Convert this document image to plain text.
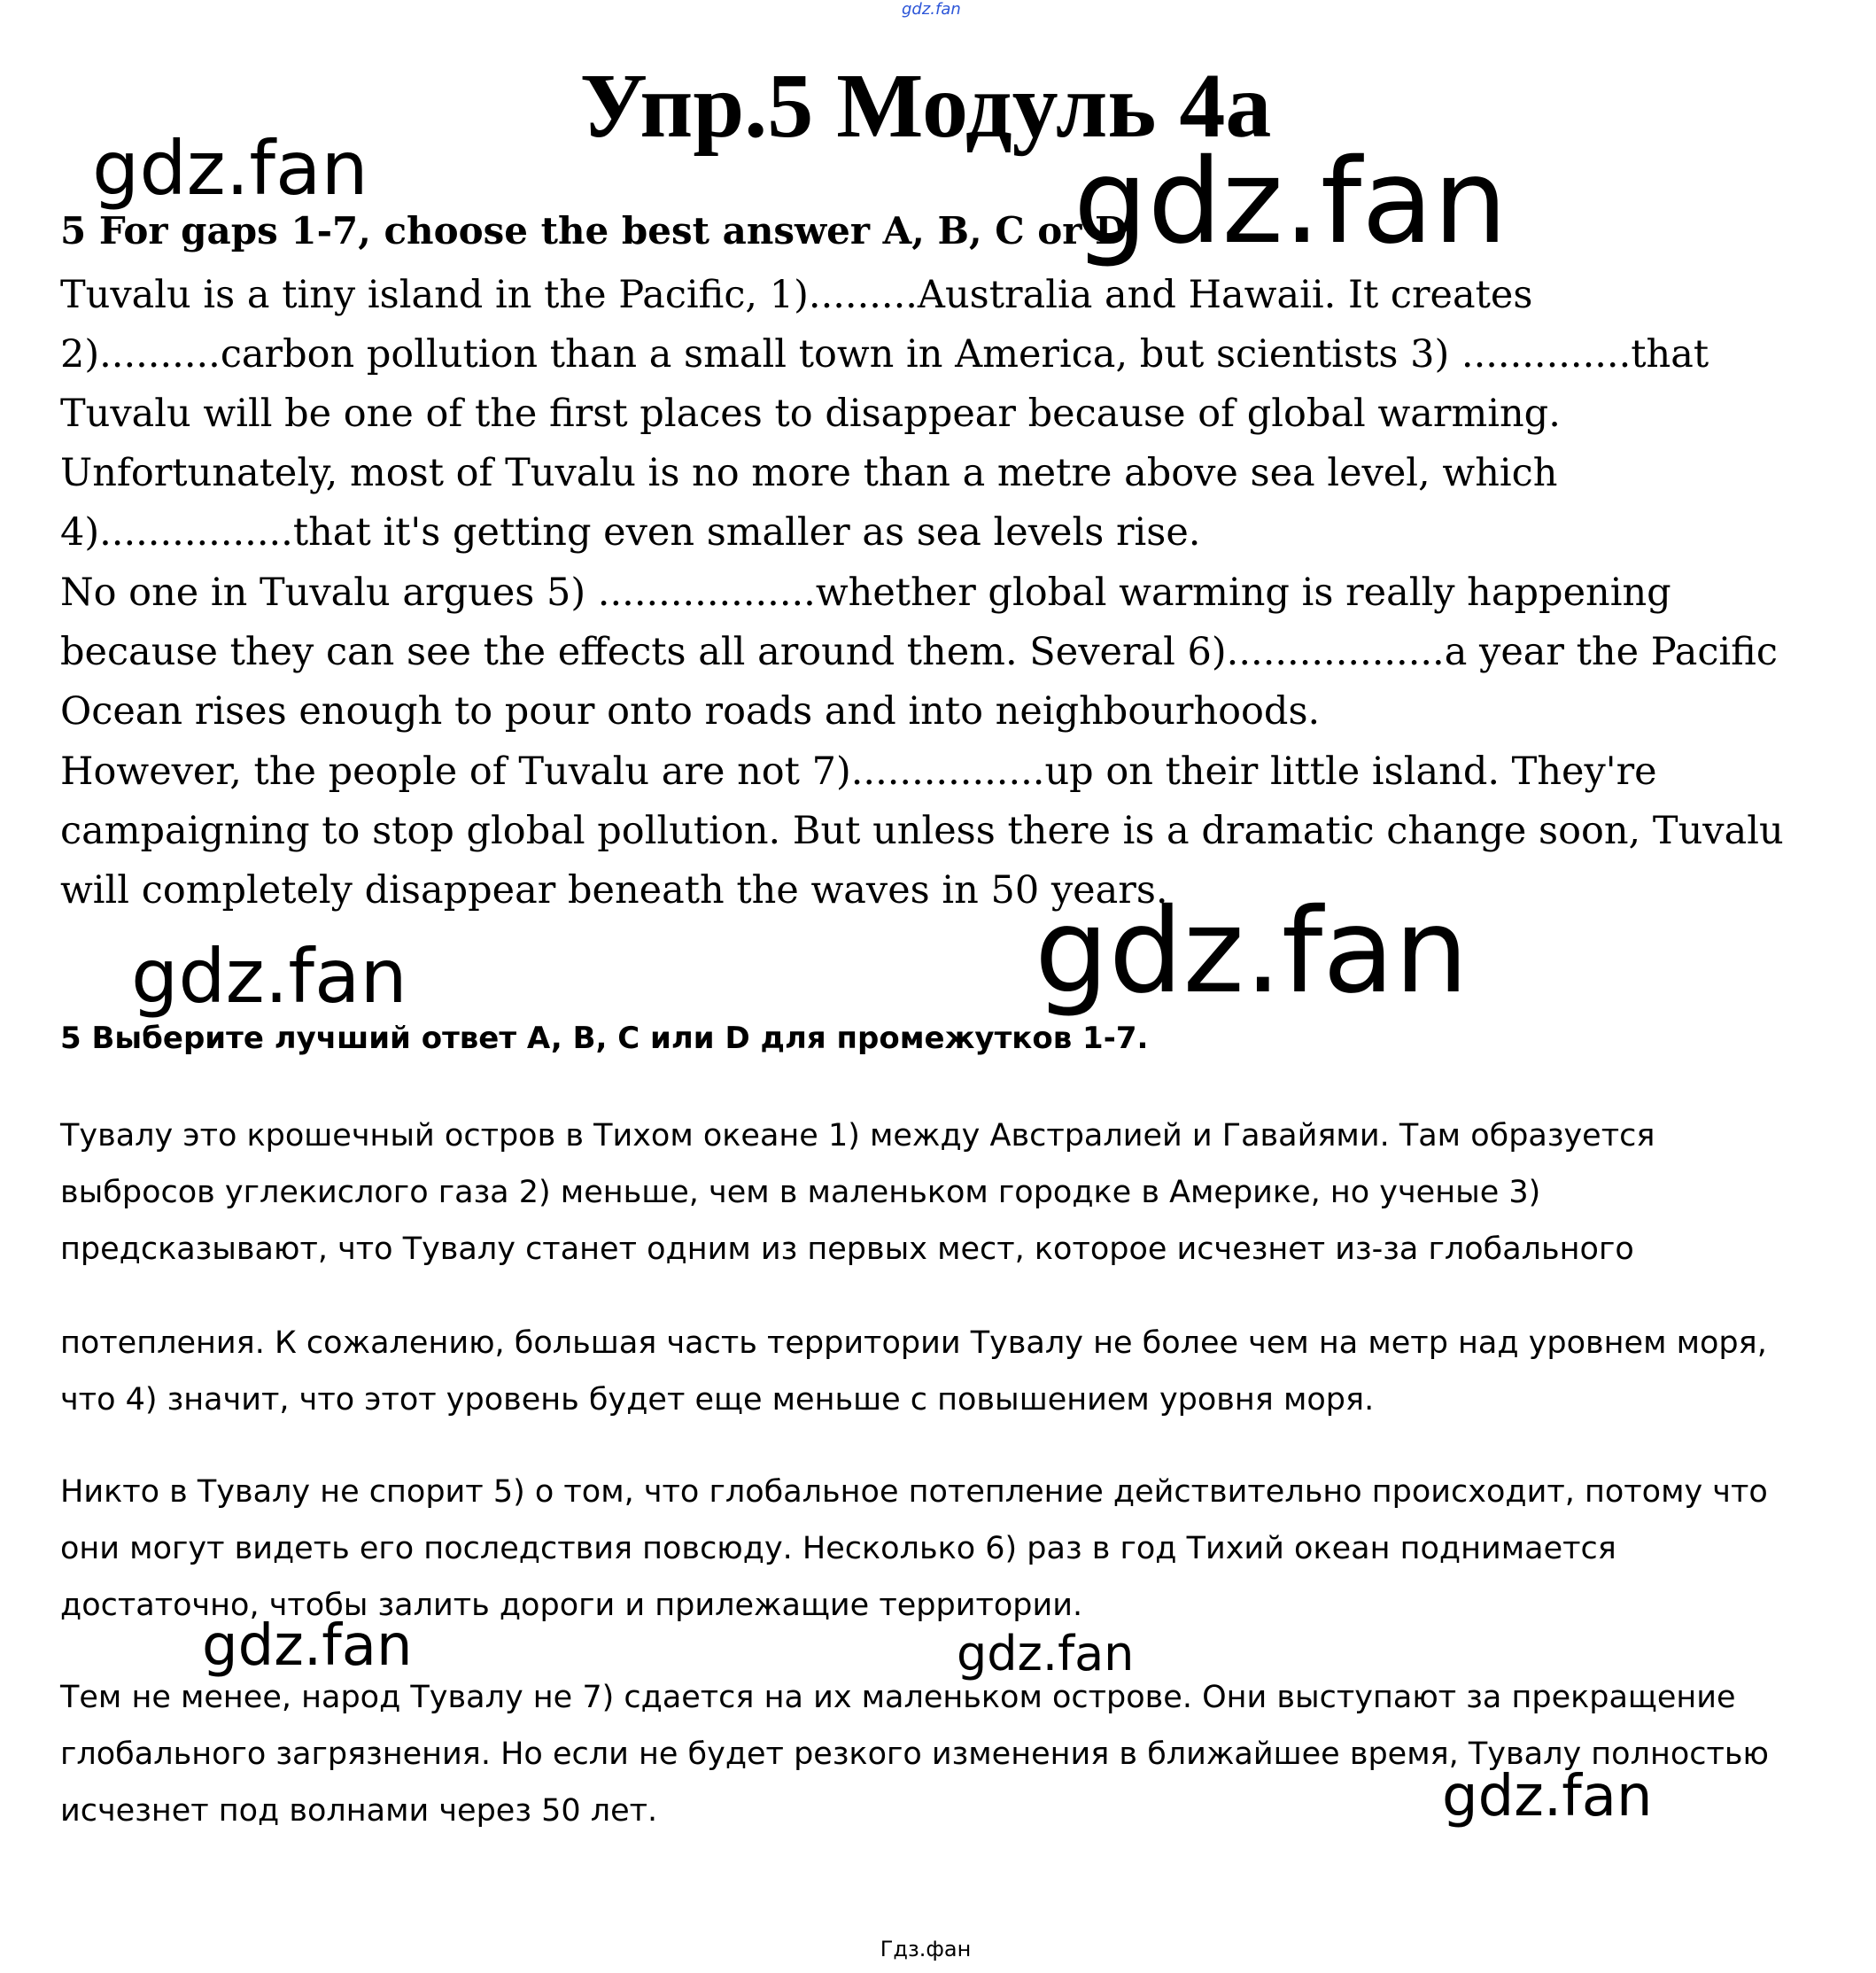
gdz.fan
Упр.5 Модуль 4a
5 For gaps 1-7, choose the best answer A, B, C or D.

Tuvalu is a tiny island in the Pacific, 1).........Australia and Hawaii. It creates 2)..........carbon pollution than a small town in America, but scientists 3) ..............that Tuvalu will be one of the first places to disappear because of global warming. Unfortunately, most of Tuvalu is no more than a metre above sea level, which 4)................that it's getting even smaller as sea levels rise.

No one in Tuvalu argues 5) ..................whether global warming is really happening because they can see the effects all around them. Several 6)..................a year the Pacific Ocean rises enough to pour onto roads and into neighbourhoods.

However, the people of Tuvalu are not 7)................up on their little island. They're campaigning to stop global pollution. But unless there is a dramatic change soon, Tuvalu will completely disappear beneath the waves in 50 years.

5 Выберите лучший ответ A, B, C или D для промежутков 1-7.

Тувалу это крошечный остров в Тихом океане 1) между Австралией и Гавайями. Там образуется выбросов углекислого газа 2) меньше, чем в маленьком городке в Америке, но ученые 3) предсказывают, что Тувалу станет одним из первых мест, которое исчезнет из-за глобального

потепления. К сожалению, большая часть территории Тувалу не более чем на метр над уровнем моря, что 4) значит, что этот уровень будет еще меньше с повышением уровня моря.

Никто в Тувалу не спорит 5) о том, что глобальное потепление действительно происходит, потому что они могут видеть его последствия повсюду. Несколько 6) раз в год Тихий океан поднимается достаточно, чтобы залить дороги и прилежащие территории.

Тем не менее, народ Тувалу не 7) сдается на их маленьком острове. Они выступают за прекращение глобального загрязнения. Но если не будет резкого изменения в ближайшее время, Тувалу полностью исчезнет под волнами через 50 лет.

gdz.fan	gdz.fan
gdz.fan	gdz.fan
gdz.fan	gdz.fan
gdz.fan
Гдз.фан
